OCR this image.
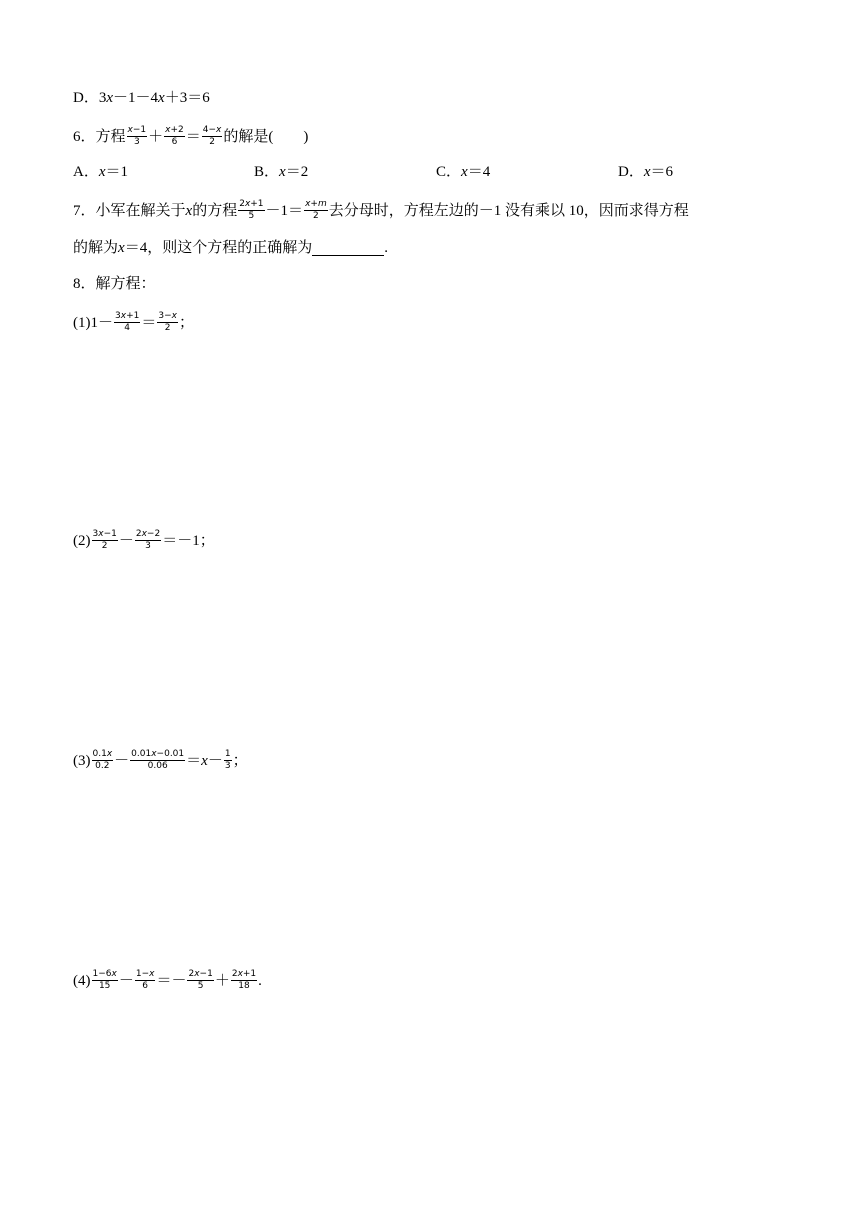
D． 3 x －1－4 x ＋3＝6
6．方程 $\frac{x-1}{3} + \frac{x+2}{6} = \frac{4-x}{2}$ 的解是(　　)
A．x＝1	B．x＝2	C．x＝4	D．x＝6
7．小军在解关于 x 的方程 $\frac{2x+1}{5} -1= \frac{x+m}{2}$ 去分母时，方程左边的－1 没有乘以 10，因而求得方程
的解为 x ＝4，则这个方程的正确解为	.
8．解方程：
$(1)1- \frac{3x+1}{4} = \frac{3-x}{2}$ ；
$(2) \frac{3x-1}{2} - \frac{2x-2}{3} =-1$；
$(3) \frac{0.1x}{0.2} - \frac{0.01x-0.01}{0.06} = x - \frac{1}{3}$ ；
$(4) \frac{1-6x}{15} - \frac{1-x}{6} =- \frac{2x-1}{5} + \frac{2x+1}{18}$ .
